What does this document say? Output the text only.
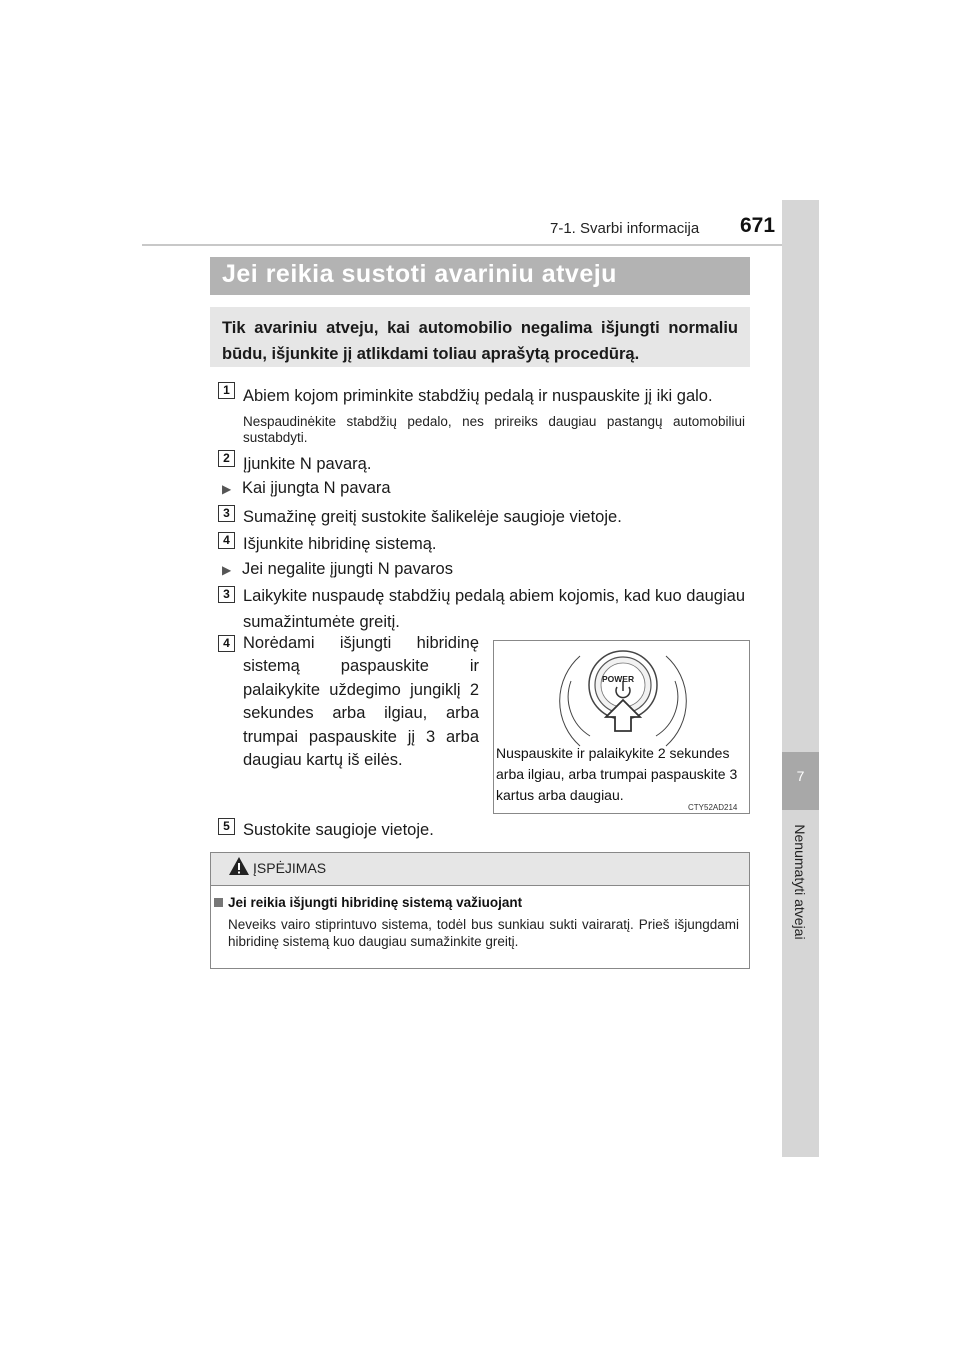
7-1. Svarbi informacija 671
7
Nenumatyti atvejai
Jei reikia sustoti avariniu atveju
Tik avariniu atveju, kai automobilio negalima išjungti normaliu būdu, išjunkite jį atlikdami toliau aprašytą procedūrą.
1 Abiem kojom priminkite stabdžių pedalą ir nuspauskite jį iki galo.
Nespaudinėkite stabdžių pedalo, nes prireiks daugiau pastangų automobiliui sustabdyti.
2 Įjunkite N pavarą.
▶ Kai įjungta N pavara
3 Sumažinę greitį sustokite šalikelėje saugioje vietoje.
4 Išjunkite hibridinę sistemą.
▶ Jei negalite įjungti N pavaros
3 Laikykite nuspaudę stabdžių pedalą abiem kojomis, kad kuo daugiau sumažintumėte greitį.
4 Norėdami išjungti hibridinę sistemą paspauskite ir palaikykite uždegimo jungiklį 2 sekundes arba ilgiau, arba trumpai paspauskite jį 3 arba daugiau kartų iš eilės.
POWER
Nuspauskite ir palaikykite 2 sekundes arba ilgiau, arba trumpai paspauskite 3 kartus arba daugiau.
CTY52AD214
5 Sustokite saugioje vietoje.
ĮSPĖJIMAS
Jei reikia išjungti hibridinę sistemą važiuojant
Neveiks vairo stiprintuvo sistema, todėl bus sunkiau sukti vairaratį. Prieš išjungdami hibridinę sistemą kuo daugiau sumažinkite greitį.
